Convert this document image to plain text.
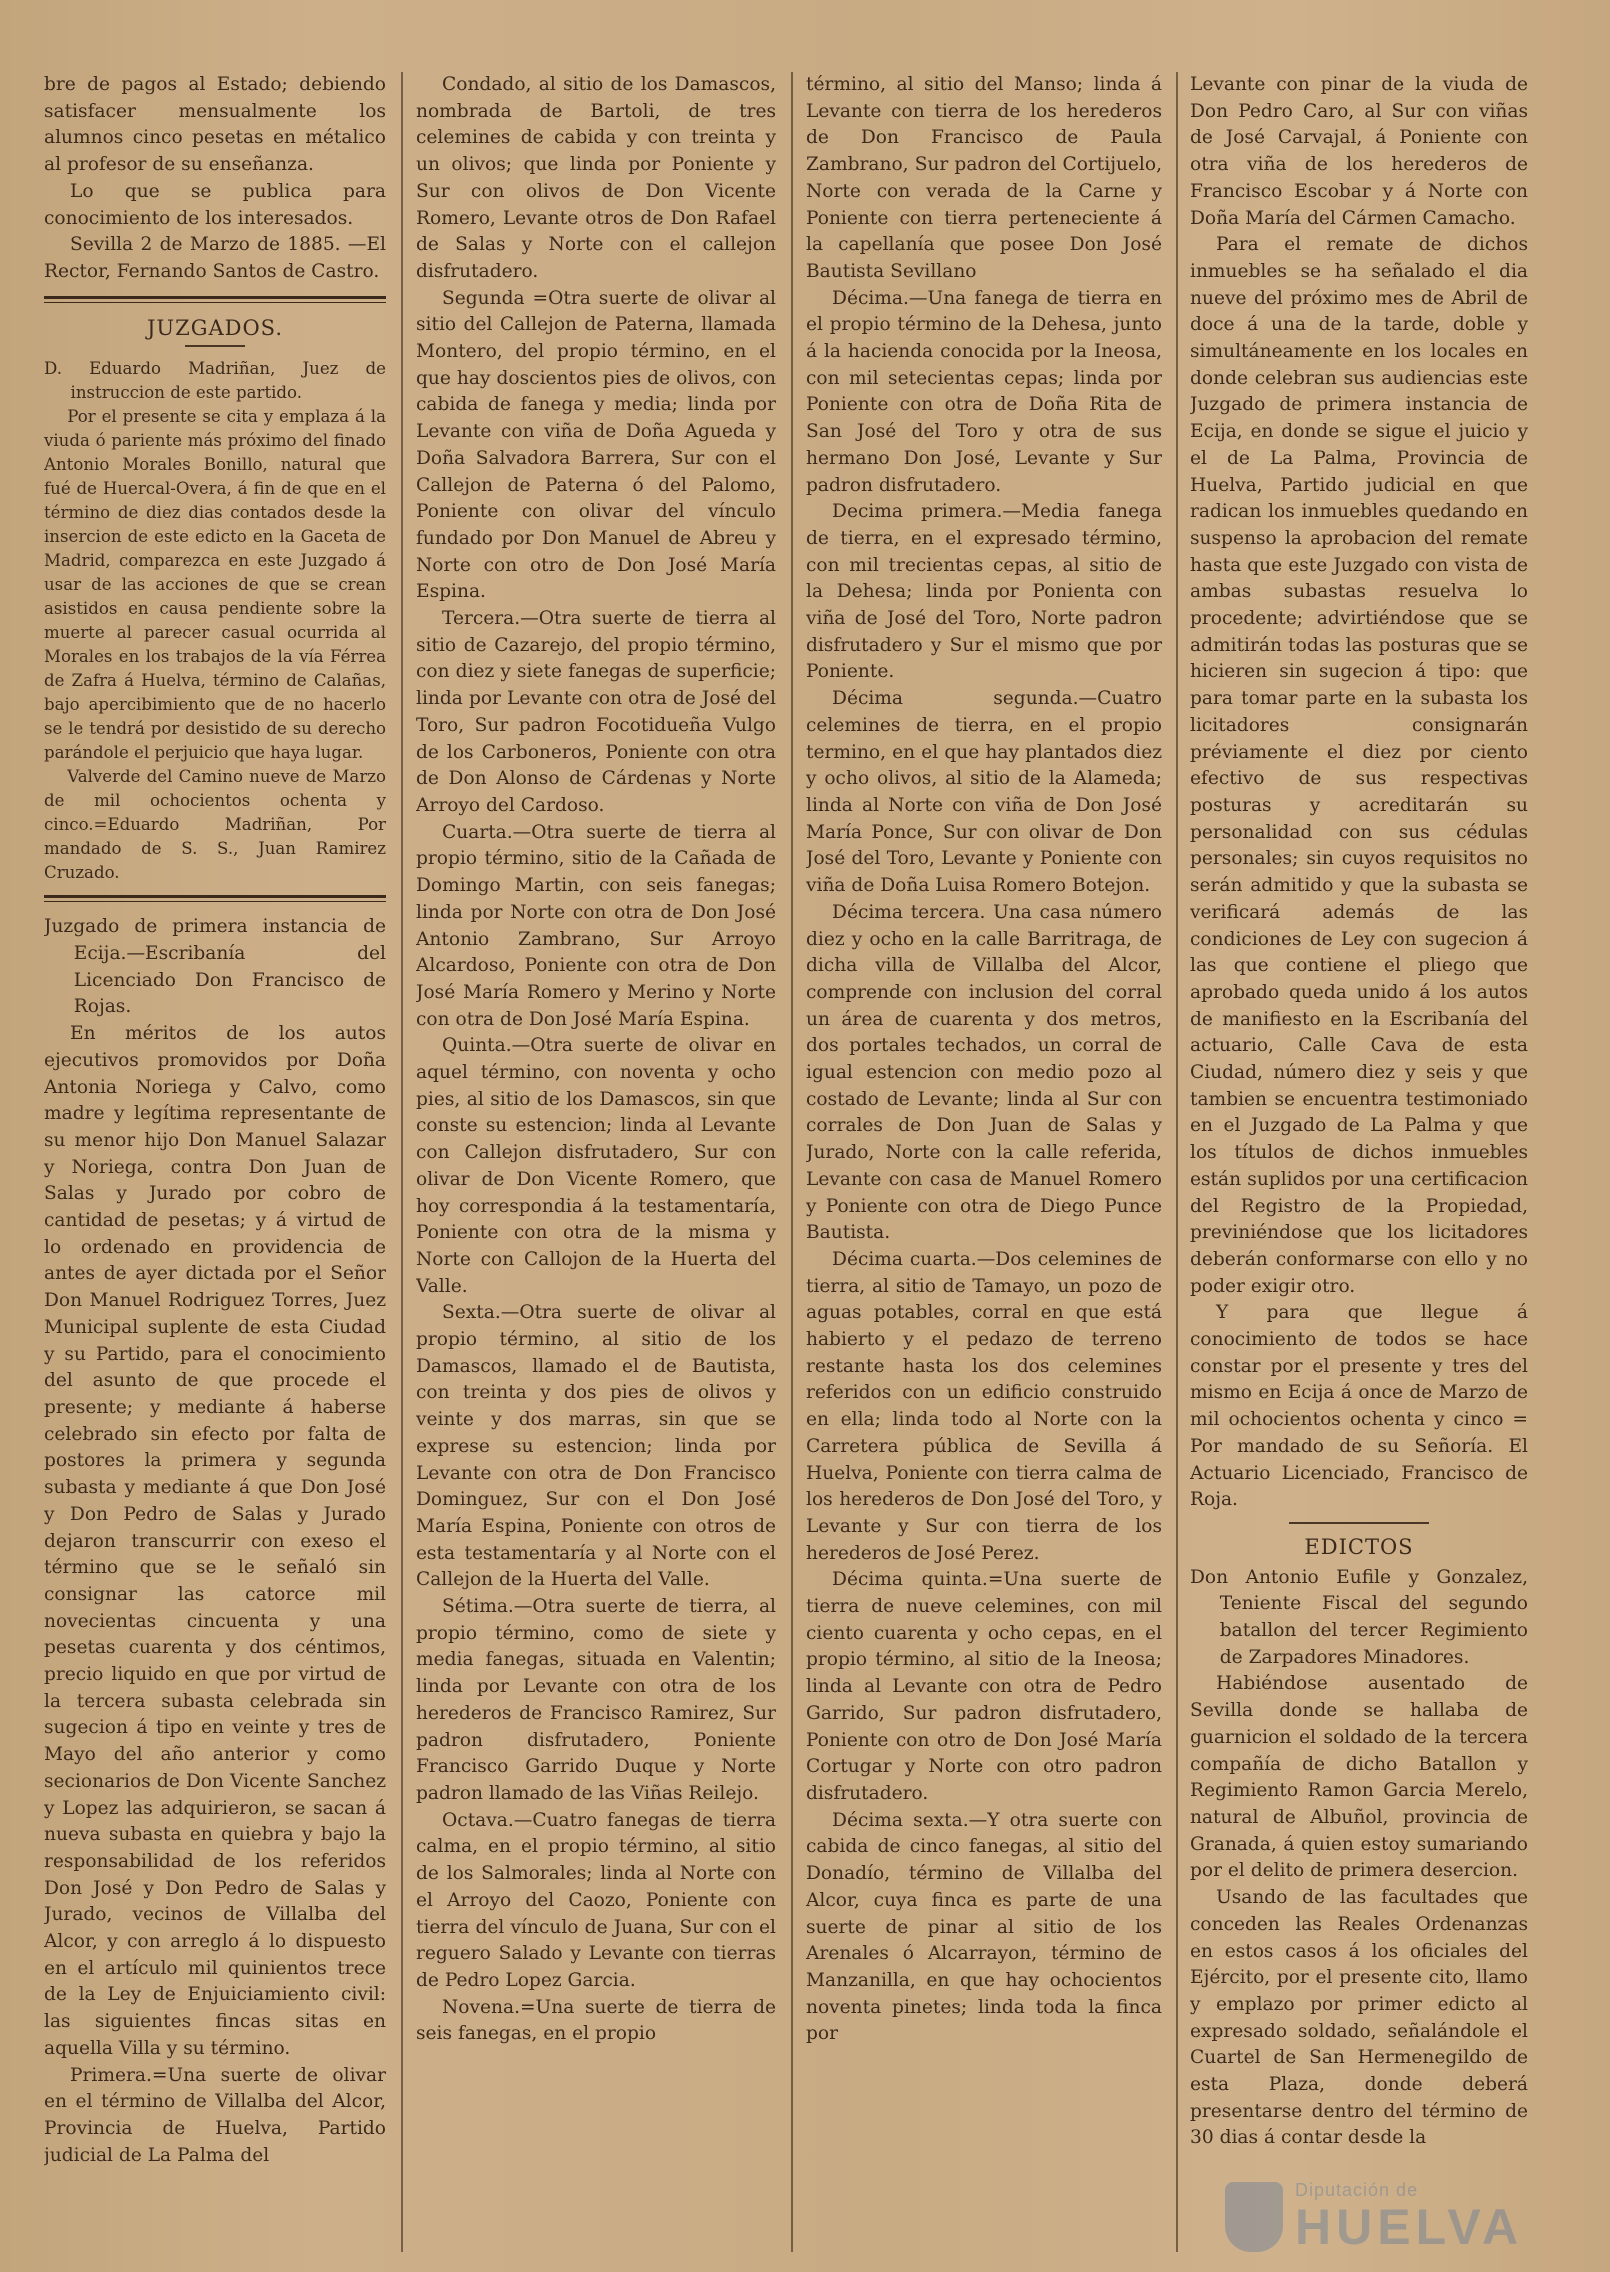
bre de pagos al Estado; debiendo satisfacer mensualmente los alumnos cinco pesetas en métalico al profesor de su enseñanza.

Lo que se publica para conocimiento de los interesados.

Sevilla 2 de Marzo de 1885. —El Rector, Fernando Santos de Castro.

JUZGADOS.

D. Eduardo Madriñan, Juez de instruccion de este partido.

Por el presente se cita y emplaza á la viuda ó pariente más próximo del finado Antonio Morales Bonillo, natural que fué de Huercal-Overa, á fin de que en el término de diez dias contados desde la insercion de este edicto en la Gaceta de Madrid, comparezca en este Juzgado á usar de las acciones de que se crean asistidos en causa pendiente sobre la muerte al parecer casual ocurrida al Morales en los trabajos de la vía Férrea de Zafra á Huelva, término de Calañas, bajo apercibimiento que de no hacerlo se le tendrá por desistido de su derecho parándole el perjuicio que haya lugar.

Valverde del Camino nueve de Marzo de mil ochocientos ochenta y cinco.=Eduardo Madriñan, Por mandado de S. S., Juan Ramirez Cruzado.

Juzgado de primera instancia de Ecija.—Escribanía del Licenciado Don Francisco de Rojas.

En méritos de los autos ejecutivos promovidos por Doña Antonia Noriega y Calvo, como madre y legítima representante de su menor hijo Don Manuel Salazar y Noriega, contra Don Juan de Salas y Jurado por cobro de cantidad de pesetas; y á virtud de lo ordenado en providencia de antes de ayer dictada por el Señor Don Manuel Rodriguez Torres, Juez Municipal suplente de esta Ciudad y su Partido, para el conocimiento del asunto de que procede el presente; y mediante á haberse celebrado sin efecto por falta de postores la primera y segunda subasta y mediante á que Don José y Don Pedro de Salas y Jurado dejaron transcurrir con exeso el término que se le señaló sin consignar las catorce mil novecientas cincuenta y una pesetas cuarenta y dos céntimos, precio liquido en que por virtud de la tercera subasta celebrada sin sugecion á tipo en veinte y tres de Mayo del año anterior y como secionarios de Don Vicente Sanchez y Lopez las adquirieron, se sacan á nueva subasta en quiebra y bajo la responsabilidad de los referidos Don José y Don Pedro de Salas y Jurado, vecinos de Villalba del Alcor, y con arreglo á lo dispuesto en el artículo mil quinientos trece de la Ley de Enjuiciamiento civil: las siguientes fincas sitas en aquella Villa y su término.

Primera.=Una suerte de olivar en el término de Villalba del Alcor, Provincia de Huelva, Partido judicial de La Palma del

Condado, al sitio de los Damascos, nombrada de Bartoli, de tres celemines de cabida y con treinta y un olivos; que linda por Poniente y Sur con olivos de Don Vicente Romero, Levante otros de Don Rafael de Salas y Norte con el callejon disfrutadero.

Segunda =Otra suerte de olivar al sitio del Callejon de Paterna, llamada Montero, del propio término, en el que hay doscientos pies de olivos, con cabida de fanega y media; linda por Levante con viña de Doña Agueda y Doña Salvadora Barrera, Sur con el Callejon de Paterna ó del Palomo, Poniente con olivar del vínculo fundado por Don Manuel de Abreu y Norte con otro de Don José María Espina.

Tercera.—Otra suerte de tierra al sitio de Cazarejo, del propio término, con diez y siete fanegas de superficie; linda por Levante con otra de José del Toro, Sur padron Focotidueña Vulgo de los Carboneros, Poniente con otra de Don Alonso de Cárdenas y Norte Arroyo del Cardoso.

Cuarta.—Otra suerte de tierra al propio término, sitio de la Cañada de Domingo Martin, con seis fanegas; linda por Norte con otra de Don José Antonio Zambrano, Sur Arroyo Alcardoso, Poniente con otra de Don José María Romero y Merino y Norte con otra de Don José María Espina.

Quinta.—Otra suerte de olivar en aquel término, con noventa y ocho pies, al sitio de los Damascos, sin que conste su estencion; linda al Levante con Callejon disfrutadero, Sur con olivar de Don Vicente Romero, que hoy correspondia á la testamentaría, Poniente con otra de la misma y Norte con Callojon de la Huerta del Valle.

Sexta.—Otra suerte de olivar al propio término, al sitio de los Damascos, llamado el de Bautista, con treinta y dos pies de olivos y veinte y dos marras, sin que se exprese su estencion; linda por Levante con otra de Don Francisco Dominguez, Sur con el Don José María Espina, Poniente con otros de esta testamentaría y al Norte con el Callejon de la Huerta del Valle.

Sétima.—Otra suerte de tierra, al propio término, como de siete y media fanegas, situada en Valentin; linda por Levante con otra de los herederos de Francisco Ramirez, Sur padron disfrutadero, Poniente Francisco Garrido Duque y Norte padron llamado de las Viñas Reilejo.

Octava.—Cuatro fanegas de tierra calma, en el propio término, al sitio de los Salmorales; linda al Norte con el Arroyo del Caozo, Poniente con tierra del vínculo de Juana, Sur con el reguero Salado y Levante con tierras de Pedro Lopez Garcia.

Novena.=Una suerte de tierra de seis fanegas, en el propio

término, al sitio del Manso; linda á Levante con tierra de los herederos de Don Francisco de Paula Zambrano, Sur padron del Cortijuelo, Norte con verada de la Carne y Poniente con tierra perteneciente á la capellanía que posee Don José Bautista Sevillano

Décima.—Una fanega de tierra en el propio término de la Dehesa, junto á la hacienda conocida por la Ineosa, con mil setecientas cepas; linda por Poniente con otra de Doña Rita de San José del Toro y otra de sus hermano Don José, Levante y Sur padron disfrutadero.

Decima primera.—Media fanega de tierra, en el expresado término, con mil trecientas cepas, al sitio de la Dehesa; linda por Ponienta con viña de José del Toro, Norte padron disfrutadero y Sur el mismo que por Poniente.

Décima segunda.—Cuatro celemines de tierra, en el propio termino, en el que hay plantados diez y ocho olivos, al sitio de la Alameda; linda al Norte con viña de Don José María Ponce, Sur con olivar de Don José del Toro, Levante y Poniente con viña de Doña Luisa Romero Botejon.

Décima tercera. Una casa número diez y ocho en la calle Barritraga, de dicha villa de Villalba del Alcor, comprende con inclusion del corral un área de cuarenta y dos metros, dos portales techados, un corral de igual estencion con medio pozo al costado de Levante; linda al Sur con corrales de Don Juan de Salas y Jurado, Norte con la calle referida, Levante con casa de Manuel Romero y Poniente con otra de Diego Punce Bautista.

Décima cuarta.—Dos celemines de tierra, al sitio de Tamayo, un pozo de aguas potables, corral en que está habierto y el pedazo de terreno restante hasta los dos celemines referidos con un edificio construido en ella; linda todo al Norte con la Carretera pública de Sevilla á Huelva, Poniente con tierra calma de los herederos de Don José del Toro, y Levante y Sur con tierra de los herederos de José Perez.

Décima quinta.=Una suerte de tierra de nueve celemines, con mil ciento cuarenta y ocho cepas, en el propio término, al sitio de la Ineosa; linda al Levante con otra de Pedro Garrido, Sur padron disfrutadero, Poniente con otro de Don José María Cortugar y Norte con otro padron disfrutadero.

Décima sexta.—Y otra suerte con cabida de cinco fanegas, al sitio del Donadío, término de Villalba del Alcor, cuya finca es parte de una suerte de pinar al sitio de los Arenales ó Alcarrayon, término de Manzanilla, en que hay ochocientos noventa pinetes; linda toda la finca por

Levante con pinar de la viuda de Don Pedro Caro, al Sur con viñas de José Carvajal, á Poniente con otra viña de los herederos de Francisco Escobar y á Norte con Doña María del Cármen Camacho.

Para el remate de dichos inmuebles se ha señalado el dia nueve del próximo mes de Abril de doce á una de la tarde, doble y simultáneamente en los locales en donde celebran sus audiencias este Juzgado de primera instancia de Ecija, en donde se sigue el juicio y el de La Palma, Provincia de Huelva, Partido judicial en que radican los inmuebles quedando en suspenso la aprobacion del remate hasta que este Juzgado con vista de ambas subastas resuelva lo procedente; advirtiéndose que se admitirán todas las posturas que se hicieren sin sugecion á tipo: que para tomar parte en la subasta los licitadores consignarán préviamente el diez por ciento efectivo de sus respectivas posturas y acreditarán su personalidad con sus cédulas personales; sin cuyos requisitos no serán admitido y que la subasta se verificará además de las condiciones de Ley con sugecion á las que contiene el pliego que aprobado queda unido á los autos de manifiesto en la Escribanía del actuario, Calle Cava de esta Ciudad, número diez y seis y que tambien se encuentra testimoniado en el Juzgado de La Palma y que los títulos de dichos inmuebles están suplidos por una certificacion del Registro de la Propiedad, previniéndose que los licitadores deberán conformarse con ello y no poder exigir otro.

Y para que llegue á conocimiento de todos se hace constar por el presente y tres del mismo en Ecija á once de Marzo de mil ochocientos ochenta y cinco = Por mandado de su Señoría. El Actuario Licenciado, Francisco de Roja.

EDICTOS

Don Antonio Eufile y Gonzalez, Teniente Fiscal del segundo batallon del tercer Regimiento de Zarpadores Minadores.

Habiéndose ausentado de Sevilla donde se hallaba de guarnicion el soldado de la tercera compañía de dicho Batallon y Regimiento Ramon Garcia Merelo, natural de Albuñol, provincia de Granada, á quien estoy sumariando por el delito de primera desercion.

Usando de las facultades que conceden las Reales Ordenanzas en estos casos á los oficiales del Ejército, por el presente cito, llamo y emplazo por primer edicto al expresado soldado, señalándole el Cuartel de San Hermenegildo de esta Plaza, donde deberá presentarse dentro del término de 30 dias á contar desde la

Diputación de
HUELVA
